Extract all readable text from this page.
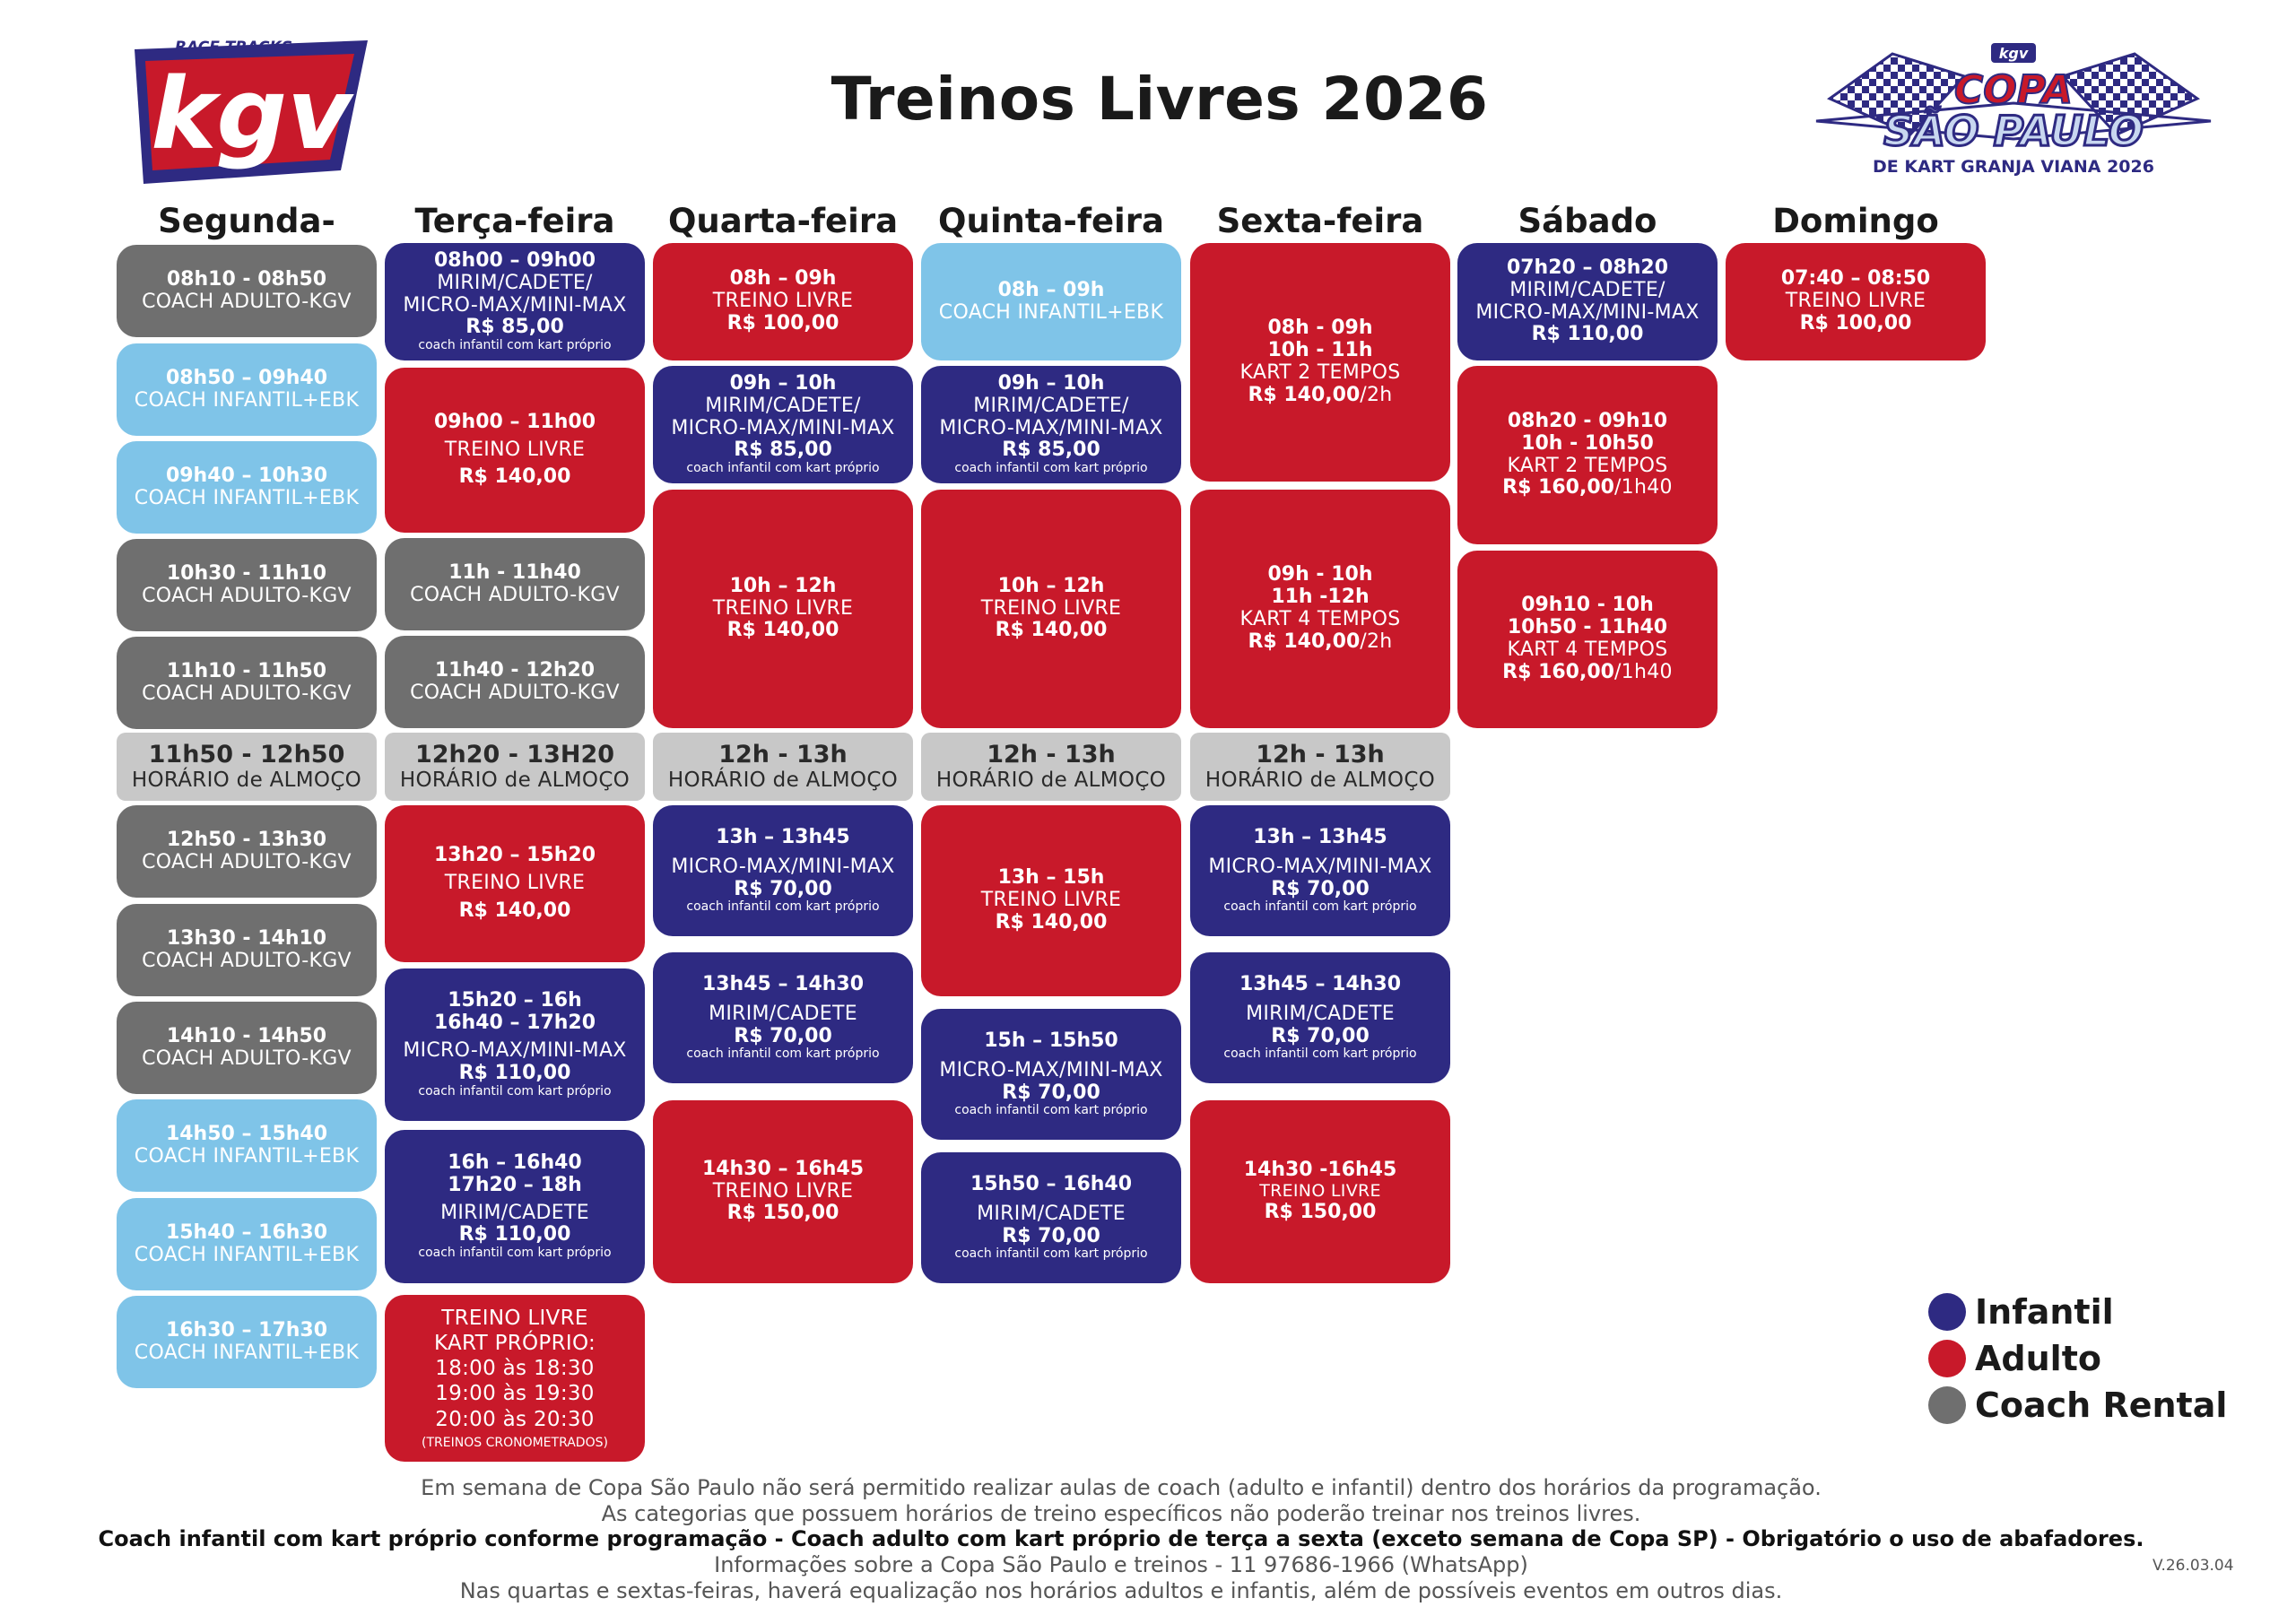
RACE TRACKS
kgv
kgv
COPA
SÃO PAULO
DE KART GRANJA VIANA 2026
Treinos Livres 2026
Segunda-	Terça-feira	Quarta-feira	Quinta-feira	Sexta-feira	Sábado	Domingo
08h10 - 08h50
COACH ADULTO-KGV
08h50 – 09h40
COACH INFANTIL+EBK
09h40 – 10h30
COACH INFANTIL+EBK
10h30 - 11h10
COACH ADULTO-KGV
11h10 - 11h50
COACH ADULTO-KGV
11h50 - 12h50
HORÁRIO de ALMOÇO
12h50 - 13h30
COACH ADULTO-KGV
13h30 - 14h10
COACH ADULTO-KGV
14h10 - 14h50
COACH ADULTO-KGV
14h50 – 15h40
COACH INFANTIL+EBK
15h40 – 16h30
COACH INFANTIL+EBK
16h30 – 17h30
COACH INFANTIL+EBK
08h00 – 09h00
MIRIM/CADETE/
MICRO-MAX/MINI-MAX
R$ 85,00
coach infantil com kart próprio
09h00 – 11h00
TREINO LIVRE
R$ 140,00
11h - 11h40
COACH ADULTO-KGV
11h40 - 12h20
COACH ADULTO-KGV
12h20 - 13H20
HORÁRIO de ALMOÇO
13h20 – 15h20
TREINO LIVRE
R$ 140,00
15h20 – 16h
16h40 – 17h20
MICRO-MAX/MINI-MAX
R$ 110,00
coach infantil com kart próprio
16h – 16h40
17h20 – 18h
MIRIM/CADETE
R$ 110,00
coach infantil com kart próprio
TREINO LIVRE
KART PRÓPRIO:
18:00 às 18:30
19:00 às 19:30
20:00 às 20:30
(TREINOS CRONOMETRADOS)
08h – 09h
TREINO LIVRE
R$ 100,00
09h – 10h
MIRIM/CADETE/
MICRO-MAX/MINI-MAX
R$ 85,00
coach infantil com kart próprio
10h – 12h
TREINO LIVRE
R$ 140,00
12h - 13h
HORÁRIO de ALMOÇO
13h – 13h45
MICRO-MAX/MINI-MAX
R$ 70,00
coach infantil com kart próprio
13h45 – 14h30
MIRIM/CADETE
R$ 70,00
coach infantil com kart próprio
14h30 – 16h45
TREINO LIVRE
R$ 150,00
08h – 09h
COACH INFANTIL+EBK
09h – 10h
MIRIM/CADETE/
MICRO-MAX/MINI-MAX
R$ 85,00
coach infantil com kart próprio
10h – 12h
TREINO LIVRE
R$ 140,00
12h - 13h
HORÁRIO de ALMOÇO
13h – 15h
TREINO LIVRE
R$ 140,00
15h – 15h50
MICRO-MAX/MINI-MAX
R$ 70,00
coach infantil com kart próprio
15h50 – 16h40
MIRIM/CADETE
R$ 70,00
coach infantil com kart próprio
08h - 09h
10h - 11h
KART 2 TEMPOS
R$ 140,00/2h
09h - 10h
11h -12h
KART 4 TEMPOS
R$ 140,00/2h
12h - 13h
HORÁRIO de ALMOÇO
13h – 13h45
MICRO-MAX/MINI-MAX
R$ 70,00
coach infantil com kart próprio
13h45 – 14h30
MIRIM/CADETE
R$ 70,00
coach infantil com kart próprio
14h30 -16h45
TREINO LIVRE
R$ 150,00
07h20 – 08h20
MIRIM/CADETE/
MICRO-MAX/MINI-MAX
R$ 110,00
08h20 - 09h10
10h - 10h50
KART 2 TEMPOS
R$ 160,00/1h40
09h10 - 10h
10h50 - 11h40
KART 4 TEMPOS
R$ 160,00/1h40
07:40 – 08:50
TREINO LIVRE
R$ 100,00
Infantil
Adulto
Coach Rental
Em semana de Copa São Paulo não será permitido realizar aulas de coach (adulto e infantil) dentro dos horários da programação.
As categorias que possuem horários de treino específicos não poderão treinar nos treinos livres.
Coach infantil com kart próprio conforme programação - Coach adulto com kart próprio de terça a sexta (exceto semana de Copa SP) - Obrigatório o uso de abafadores.
Informações sobre a Copa São Paulo e treinos - 11 97686-1966 (WhatsApp)
Nas quartas e sextas-feiras, haverá equalização nos horários adultos e infantis, além de possíveis eventos em outros dias.
V.26.03.04
